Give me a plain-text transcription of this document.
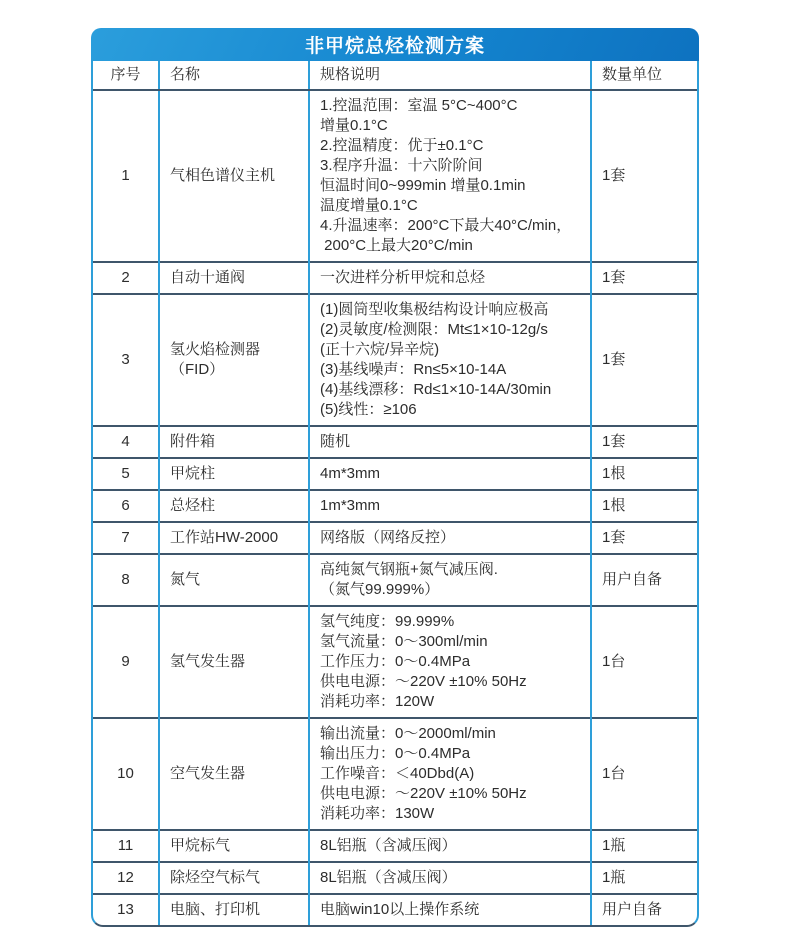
非甲烷总烃检测方案
序号	名称	规格说明	数量单位
1	气相色谱仪主机	
1.控温范围：室温 5°C~400°C
增量0.1°C
2.控温精度：优于±0.1°C
3.程序升温：十六阶阶间
恒温时间0~999min 增量0.1min
温度增量0.1°C
4.升温速率：200°C下最大40°C/min，
200°C上最大20°C/min
	1套
2	自动十通阀	一次进样分析甲烷和总烃	1套
3	氢火焰检测器（FID）	
(1)圆筒型收集极结构设计响应极高
(2)灵敏度/检测限：Mt≤1×10-12g/s
(正十六烷/异辛烷)
(3)基线噪声：Rn≤5×10-14A
(4)基线漂移：Rd≤1×10-14A/30min
(5)线性：≥106
	1套
4	附件箱	随机	1套
5	甲烷柱	4m*3mm	1根
6	总烃柱	1m*3mm	1根
7	工作站HW-2000	网络版（网络反控）	1套
8	氮气	高纯氮气钢瓶+氮气减压阀.
（氮气99.999%）	用户自备
9	氢气发生器	氢气纯度：99.999%
氢气流量：0～300ml/min
工作压力：0～0.4MPa
供电电源：～220V ±10% 50Hz
消耗功率：120W	1台
10	空气发生器	输出流量：0～2000ml/min
输出压力：0～0.4MPa
工作噪音：＜40Dbd(A)
供电电源：～220V ±10% 50Hz
消耗功率：130W	1台
11	甲烷标气	8L铝瓶（含减压阀）	1瓶
12	除烃空气标气	8L铝瓶（含减压阀）	1瓶
13	电脑、打印机	电脑win10以上操作系统	用户自备
